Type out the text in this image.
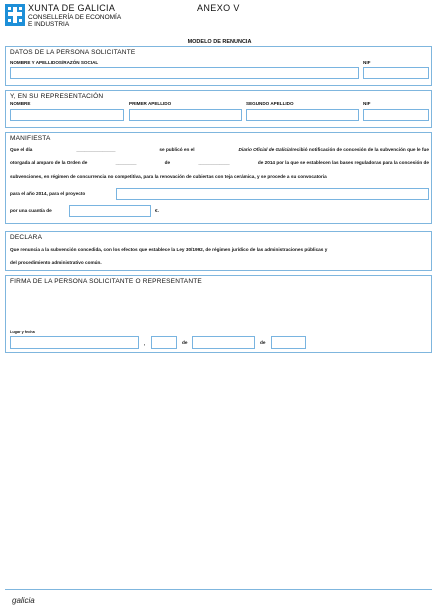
XUNTA DE GALICIA
CONSELLERÍA DE ECONOMÍA
E INDUSTRIA
ANEXO V
MODELO DE RENUNCIA
DATOS DE LA PERSONA SOLICITANTE
NOMBRE Y APELLIDOS/RAZÓN SOCIAL	NIF
Y, EN SU REPRESENTACIÓN
NOMBRE	PRIMER APELLIDO	SEGUNDO APELLIDO	NIF
MANIFIESTA
Que el día	_______________	se publicó en el	Diario Oficial de Galicia/recibió notificación de concesión de la subvención que le fue
otorgada al amparo de la Orden de	________	de	____________	de 2014 por la que se establecen las bases reguladoras para la concesión de
subvenciones, en régimen de concurrencia no competitiva, para la renovación de cubiertas con teja cerámica, y se procede a su convocatoria
para el año 2014, para el proyecto
por una cuantía de	€.
DECLARA
Que renuncia a la subvención concedida, con los efectos que establece la Ley 30/1992, de régimen jurídico de las administraciones públicas y
del procedimiento administrativo común.
FIRMA DE LA PERSONA SOLICITANTE O REPRESENTANTE
Lugar y fecha
,	de	de
galicia
